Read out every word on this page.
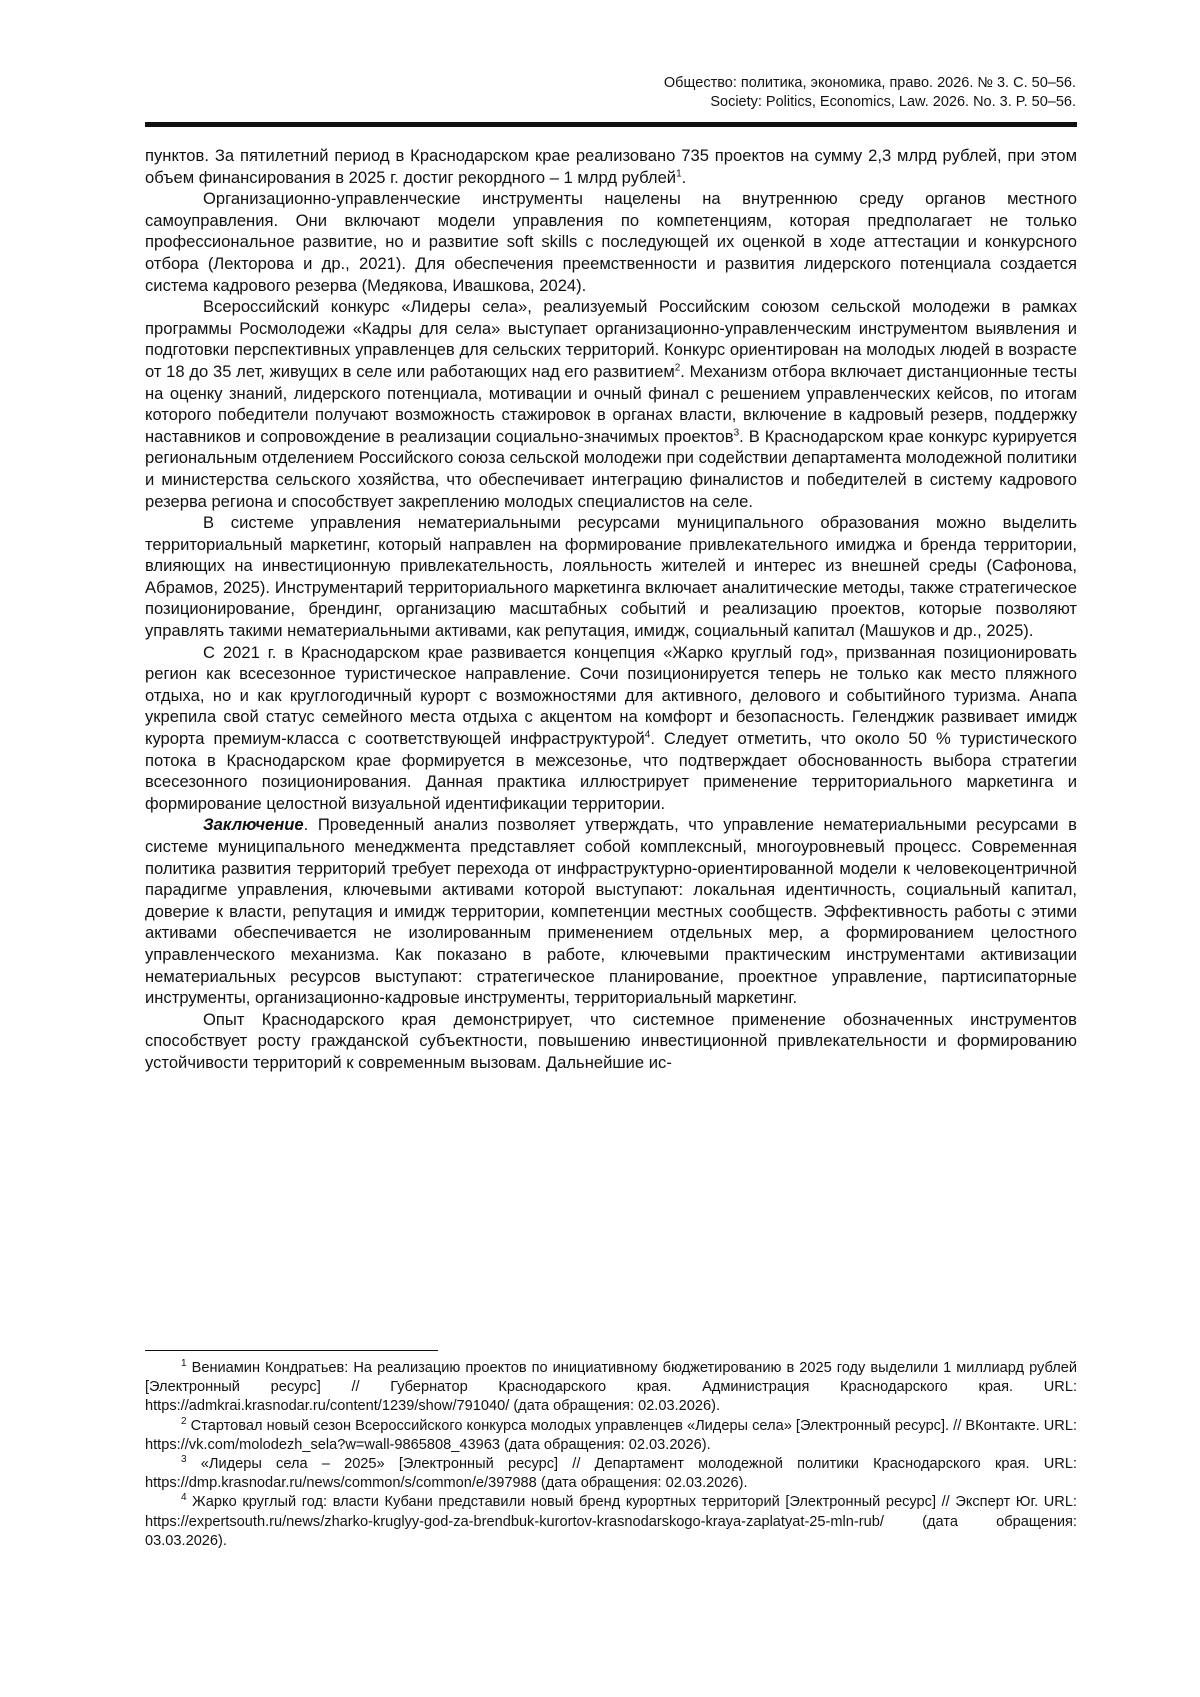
Общество: политика, экономика, право. 2026. № 3. С. 50–56.
Society: Politics, Economics, Law. 2026. No. 3. P. 50–56.

пунктов. За пятилетний период в Краснодарском крае реализовано 735 проектов на сумму 2,3 млрд рублей, при этом объем финансирования в 2025 г. достиг рекордного – 1 млрд рублей$^1$.

Организационно-управленческие инструменты нацелены на внутреннюю среду органов местного самоуправления. Они включают модели управления по компетенциям, которая предполагает не только профессиональное развитие, но и развитие soft skills с последующей их оценкой в ходе аттестации и конкурсного отбора (Лекторова и др., 2021). Для обеспечения преемственности и развития лидерского потенциала создается система кадрового резерва (Медякова, Ивашкова, 2024).

Всероссийский конкурс «Лидеры села», реализуемый Российским союзом сельской молодежи в рамках программы Росмолодежи «Кадры для села» выступает организационно-управленческим инструментом выявления и подготовки перспективных управленцев для сельских территорий. Конкурс ориентирован на молодых людей в возрасте от 18 до 35 лет, живущих в селе или работающих над его развитием$^2$. Механизм отбора включает дистанционные тесты на оценку знаний, лидерского потенциала, мотивации и очный финал с решением управленческих кейсов, по итогам которого победители получают возможность стажировок в органах власти, включение в кадровый резерв, поддержку наставников и сопровождение в реализации социально-значимых проектов$^3$. В Краснодарском крае конкурс курируется региональным отделением Российского союза сельской молодежи при содействии департамента молодежной политики и министерства сельского хозяйства, что обеспечивает интеграцию финалистов и победителей в систему кадрового резерва региона и способствует закреплению молодых специалистов на селе.

В системе управления нематериальными ресурсами муниципального образования можно выделить территориальный маркетинг, который направлен на формирование привлекательного имиджа и бренда территории, влияющих на инвестиционную привлекательность, лояльность жителей и интерес из внешней среды (Сафонова, Абрамов, 2025). Инструментарий территориального маркетинга включает аналитические методы, также стратегическое позиционирование, брендинг, организацию масштабных событий и реализацию проектов, которые позволяют управлять такими нематериальными активами, как репутация, имидж, социальный капитал (Машуков и др., 2025).

С 2021 г. в Краснодарском крае развивается концепция «Жарко круглый год», призванная позиционировать регион как всесезонное туристическое направление. Сочи позиционируется теперь не только как место пляжного отдыха, но и как круглогодичный курорт с возможностями для активного, делового и событийного туризма. Анапа укрепила свой статус семейного места отдыха с акцентом на комфорт и безопасность. Геленджик развивает имидж курорта премиум-класса с соответствующей инфраструктурой$^4$. Следует отметить, что около 50 % туристического потока в Краснодарском крае формируется в межсезонье, что подтверждает обоснованность выбора стратегии всесезонного позиционирования. Данная практика иллюстрирует применение территориального маркетинга и формирование целостной визуальной идентификации территории.

Заключение. Проведенный анализ позволяет утверждать, что управление нематериальными ресурсами в системе муниципального менеджмента представляет собой комплексный, многоуровневый процесс. Современная политика развития территорий требует перехода от инфраструктурно-ориентированной модели к человекоцентричной парадигме управления, ключевыми активами которой выступают: локальная идентичность, социальный капитал, доверие к власти, репутация и имидж территории, компетенции местных сообществ. Эффективность работы с этими активами обеспечивается не изолированным применением отдельных мер, а формированием целостного управленческого механизма. Как показано в работе, ключевыми практическим инструментами активизации нематериальных ресурсов выступают: стратегическое планирование, проектное управление, партисипаторные инструменты, организационно-кадровые инструменты, территориальный маркетинг.

Опыт Краснодарского края демонстрирует, что системное применение обозначенных инструментов способствует росту гражданской субъектности, повышению инвестиционной привлекательности и формированию устойчивости территорий к современным вызовам. Дальнейшие ис-

$^1$ Вениамин Кондратьев: На реализацию проектов по инициативному бюджетированию в 2025 году выделили 1 миллиард рублей [Электронный ресурс] // Губернатор Краснодарского края. Администрация Краснодарского края. URL: https://admkrai.krasnodar.ru/content/1239/show/791040/ (дата обращения: 02.03.2026).

$^2$ Стартовал новый сезон Всероссийского конкурса молодых управленцев «Лидеры села» [Электронный ресурс]. // ВКонтакте. URL: https://vk.com/molodezh_sela?w=wall-9865808_43963 (дата обращения: 02.03.2026).

$^3$ «Лидеры села – 2025» [Электронный ресурс] // Департамент молодежной политики Краснодарского края. URL: https://dmp.krasnodar.ru/news/common/s/common/e/397988 (дата обращения: 02.03.2026).

$^4$ Жарко круглый год: власти Кубани представили новый бренд курортных территорий [Электронный ресурс] // Эксперт Юг. URL: https://expertsouth.ru/news/zharko-kruglyy-god-za-brendbuk-kurortov-krasnodarskogo-kraya-zaplatyat-25-mln-rub/ (дата обращения: 03.03.2026).
